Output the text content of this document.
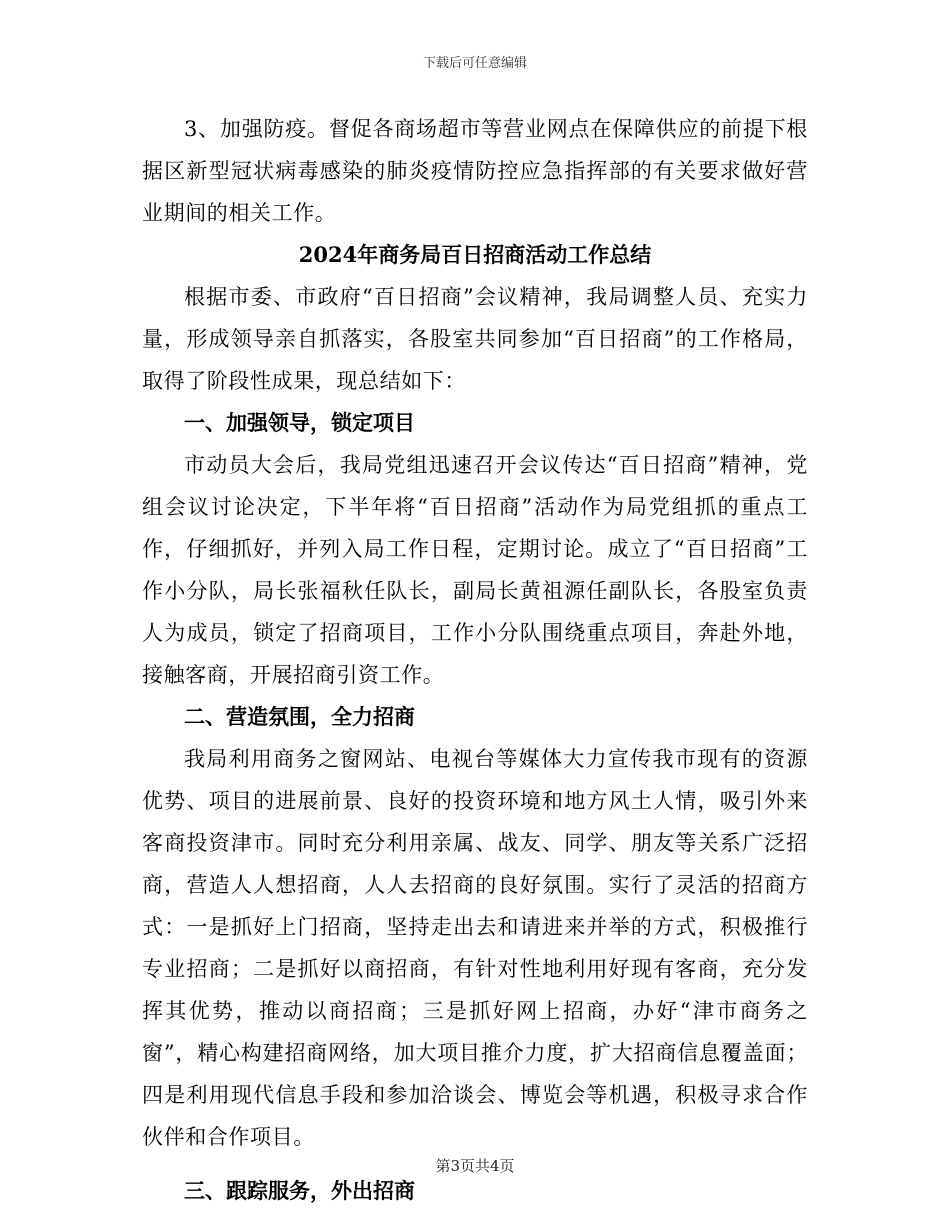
下载后可任意编辑

3、加强防疫。督促各商场超市等营业网点在保障供应的前提下根据区新型冠状病毒感染的肺炎疫情防控应急指挥部的有关要求做好营业期间的相关工作。

2024年商务局百日招商活动工作总结

根据市委、市政府“百日招商”会议精神，我局调整人员、充实力量，形成领导亲自抓落实，各股室共同参加“百日招商”的工作格局，取得了阶段性成果，现总结如下：

一、加强领导，锁定项目

市动员大会后，我局党组迅速召开会议传达“百日招商”精神，党组会议讨论决定，下半年将“百日招商”活动作为局党组抓的重点工作，仔细抓好，并列入局工作日程，定期讨论。成立了“百日招商”工作小分队，局长张福秋任队长，副局长黄祖源任副队长，各股室负责人为成员，锁定了招商项目，工作小分队围绕重点项目，奔赴外地，接触客商，开展招商引资工作。

二、营造氛围，全力招商

我局利用商务之窗网站、电视台等媒体大力宣传我市现有的资源优势、项目的进展前景、良好的投资环境和地方风土人情，吸引外来客商投资津市。同时充分利用亲属、战友、同学、朋友等关系广泛招商，营造人人想招商，人人去招商的良好氛围。实行了灵活的招商方式：一是抓好上门招商，坚持走出去和请进来并举的方式，积极推行专业招商；二是抓好以商招商，有针对性地利用好现有客商，充分发挥其优势，推动以商招商；三是抓好网上招商，办好“津市商务之窗”，精心构建招商网络，加大项目推介力度，扩大招商信息覆盖面；四是利用现代信息手段和参加洽谈会、博览会等机遇，积极寻求合作伙伴和合作项目。

三、跟踪服务，外出招商

第3页共4页
